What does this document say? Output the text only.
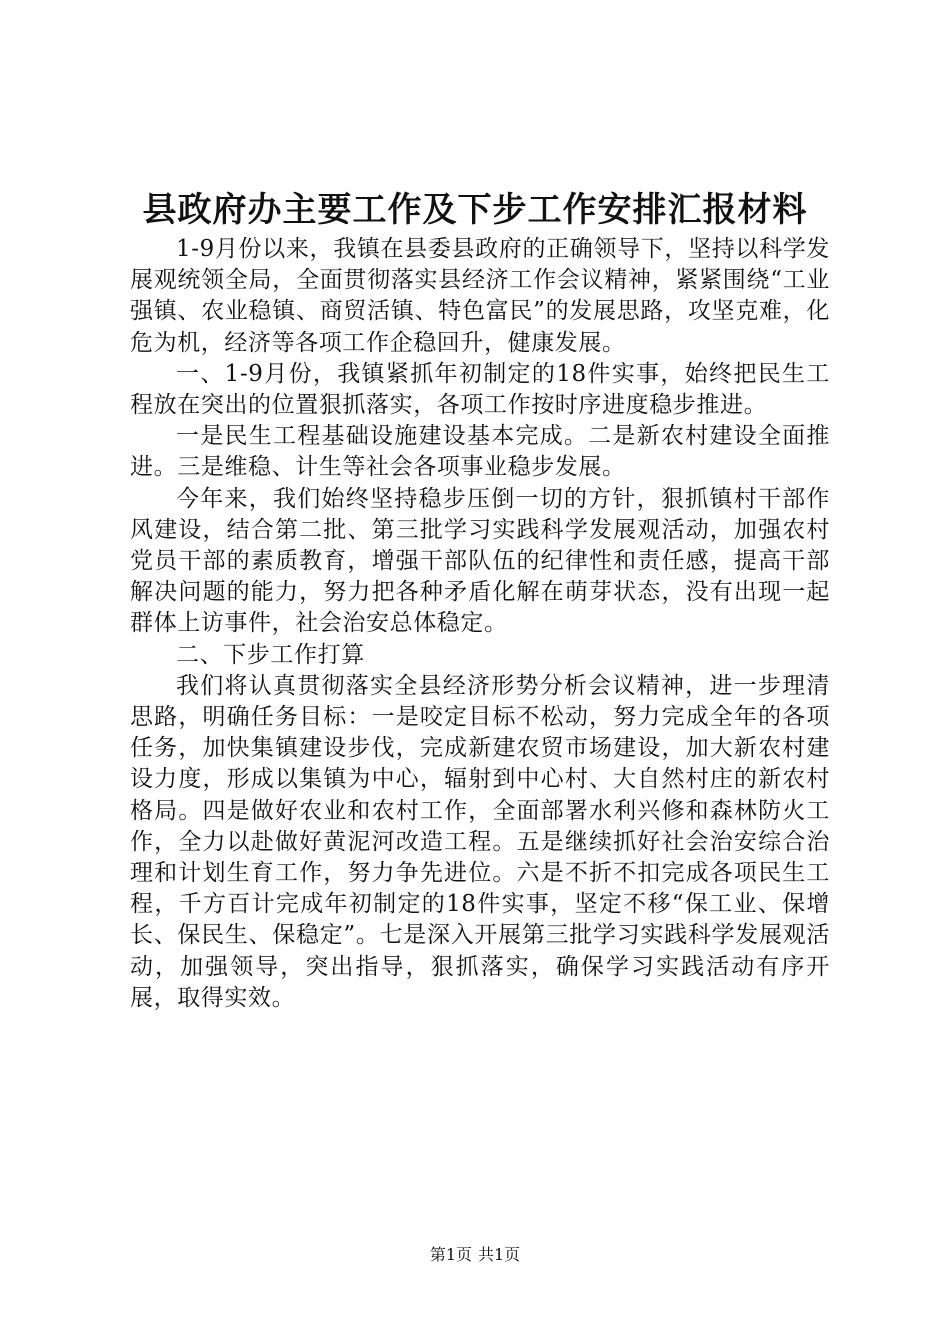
县政府办主要工作及下步工作安排汇报材料

1-9月份以来，我镇在县委县政府的正确领导下，坚持以科学发展观统领全局，全面贯彻落实县经济工作会议精神，紧紧围绕“工业强镇、农业稳镇、商贸活镇、特色富民”的发展思路，攻坚克难，化危为机，经济等各项工作企稳回升，健康发展。

一、1-9月份，我镇紧抓年初制定的18件实事，始终把民生工程放在突出的位置狠抓落实，各项工作按时序进度稳步推进。

一是民生工程基础设施建设基本完成。二是新农村建设全面推进。三是维稳、计生等社会各项事业稳步发展。

今年来，我们始终坚持稳步压倒一切的方针，狠抓镇村干部作风建设，结合第二批、第三批学习实践科学发展观活动，加强农村党员干部的素质教育，增强干部队伍的纪律性和责任感，提高干部解决问题的能力，努力把各种矛盾化解在萌芽状态，没有出现一起群体上访事件，社会治安总体稳定。

二、下步工作打算

我们将认真贯彻落实全县经济形势分析会议精神，进一步理清思路，明确任务目标：一是咬定目标不松动，努力完成全年的各项任务，加快集镇建设步伐，完成新建农贸市场建设，加大新农村建设力度，形成以集镇为中心，辐射到中心村、大自然村庄的新农村格局。四是做好农业和农村工作，全面部署水利兴修和森林防火工作，全力以赴做好黄泥河改造工程。五是继续抓好社会治安综合治理和计划生育工作，努力争先进位。六是不折不扣完成各项民生工程，千方百计完成年初制定的18件实事，坚定不移“保工业、保增长、保民生、保稳定”。七是深入开展第三批学习实践科学发展观活动，加强领导，突出指导，狠抓落实，确保学习实践活动有序开展，取得实效。

第1页 共1页
